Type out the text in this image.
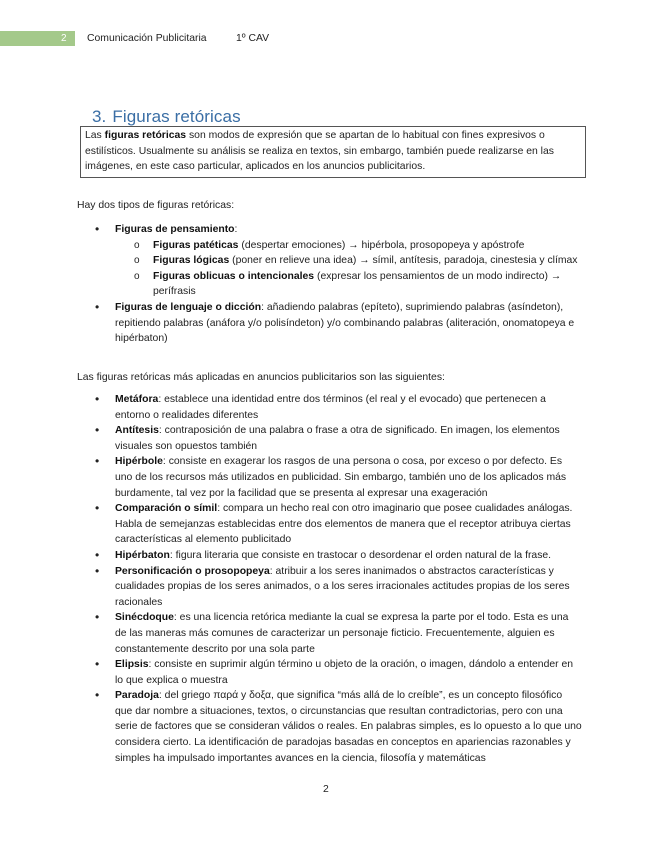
2 Comunicación Publicitaria	1º CAV
3. Figuras retóricas
Las figuras retóricas son modos de expresión que se apartan de lo habitual con fines expresivos o estilísticos. Usualmente su análisis se realiza en textos, sin embargo, también puede realizarse en las imágenes, en este caso particular, aplicados en los anuncios publicitarios.
Hay dos tipos de figuras retóricas:
• Figuras de pensamiento:
o Figuras patéticas (despertar emociones) → hipérbola, prosopopeya y apóstrofe
o Figuras lógicas (poner en relieve una idea) → símil, antítesis, paradoja, cinestesia y clímax
o Figuras oblicuas o intencionales (expresar los pensamientos de un modo indirecto) → perífrasis
• Figuras de lenguaje o dicción: añadiendo palabras (epíteto), suprimiendo palabras (asíndeton), repitiendo palabras (anáfora y/o polisíndeton) y/o combinando palabras (aliteración, onomatopeya e hipérbaton)
Las figuras retóricas más aplicadas en anuncios publicitarios son las siguientes:
• Metáfora: establece una identidad entre dos términos (el real y el evocado) que pertenecen a entorno o realidades diferentes
• Antítesis: contraposición de una palabra o frase a otra de significado. En imagen, los elementos visuales son opuestos también
• Hipérbole: consiste en exagerar los rasgos de una persona o cosa, por exceso o por defecto. Es uno de los recursos más utilizados en publicidad. Sin embargo, también uno de los aplicados más burdamente, tal vez por la facilidad que se presenta al expresar una exageración
• Comparación o símil: compara un hecho real con otro imaginario que posee cualidades análogas. Habla de semejanzas establecidas entre dos elementos de manera que el receptor atribuya ciertas características al elemento publicitado
• Hipérbaton: figura literaria que consiste en trastocar o desordenar el orden natural de la frase.
• Personificación o prosopopeya: atribuir a los seres inanimados o abstractos características y cualidades propias de los seres animados, o a los seres irracionales actitudes propias de los seres racionales
• Sinécdoque: es una licencia retórica mediante la cual se expresa la parte por el todo. Esta es una de las maneras más comunes de caracterizar un personaje ficticio. Frecuentemente, alguien es constantemente descrito por una sola parte
• Elipsis: consiste en suprimir algún término u objeto de la oración, o imagen, dándolo a entender en lo que explica o muestra
• Paradoja: del griego παρά y δοξα, que significa “más allá de lo creíble”, es un concepto filosófico que dar nombre a situaciones, textos, o circunstancias que resultan contradictorias, pero con una serie de factores que se consideran válidos o reales. En palabras simples, es lo opuesto a lo que uno considera cierto. La identificación de paradojas basadas en conceptos en apariencias razonables y simples ha impulsado importantes avances en la ciencia, filosofía y matemáticas
2
